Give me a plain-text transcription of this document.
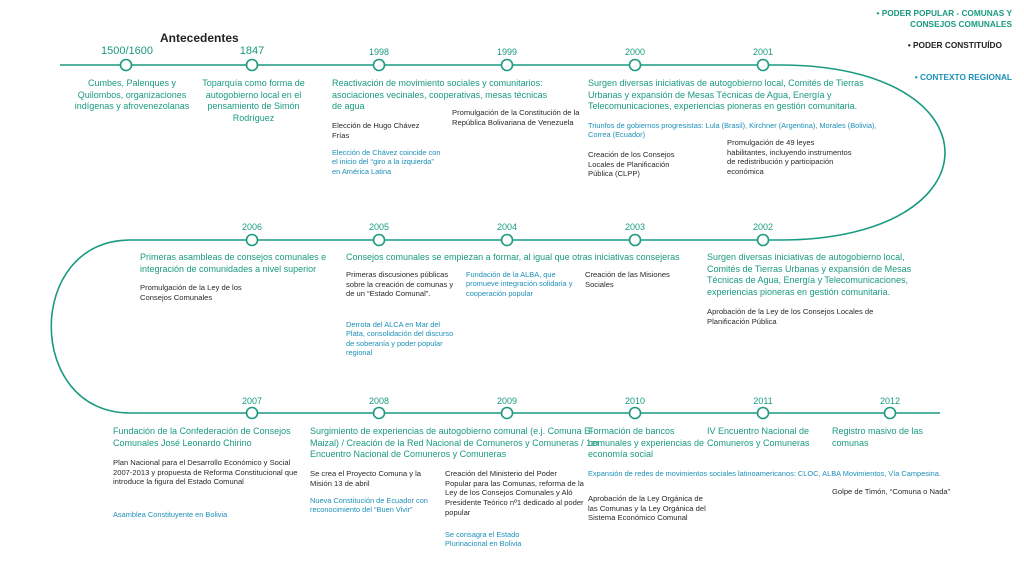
Antecedentes
• PODER POPULAR - COMUNAS Y CONSEJOS COMUNALES
• PODER CONSTITUÍDO
• CONTEXTO REGIONAL
1500/1600	1847	1998	1999	2000	2001
2006	2005	2004	2003	2002
2007	2008	2009	2010	2011	2012

Cumbes, Palenques y Quilombos, organizaciones indígenas y afrovenezolanas

Toparquía como forma de autogobierno local en el pensamiento de Simón Rodríguez

Reactivación de movimiento sociales y comunitarios: asociaciones vecinales, cooperativas, mesas técnicas de agua

Elección de Hugo Chávez Frías

Elección de Chávez coincide con el inicio del “giro a la izquierda” en América Latina

Promulgación de la Constitución de la República Bolivariana de Venezuela

Surgen diversas iniciativas de autogobierno local, Comités de Tierras Urbanas y expansión de Mesas Técnicas de Agua, Energía y Telecomunicaciones, experiencias pioneras en gestión comunitaria.

Triunfos de gobiernos progresistas: Lula (Brasil), Kirchner (Argentina), Morales (Bolivia), Correa (Ecuador)

Creación de los Consejos Locales de Planificación Pública (CLPP)

Promulgación de 49 leyes habilitantes, incluyendo instrumentos de redistribución y participación económica

Primeras asambleas de consejos comunales e integración de comunidades a nivel superior

Promulgación de la Ley de los Consejos Comunales

Consejos comunales se empiezan a formar, al igual que otras iniciativas consejeras

Primeras discusiones públicas sobre la creación de comunas y de un “Estado Comunal”.

Derrota del ALCA en Mar del Plata, consolidación del discurso de soberanía y poder popular regional

Fundación de la ALBA, que promueve integración solidaria y cooperación popular

Creación de las Misiones Sociales

Surgen diversas iniciativas de autogobierno local, Comités de Tierras Urbanas y expansión de Mesas Técnicas de Agua, Energía y Telecomunicaciones, experiencias pioneras en gestión comunitaria.

Aprobación de la Ley de los Consejos Locales de Planificación Pública

Fundación de la Confederación de Consejos Comunales José Leonardo Chirino

Plan Nacional para el Desarrollo Económico y Social 2007-2013 y propuesta de Reforma Constitucional que introduce la figura del Estado Comunal

Asamblea Constituyente en Bolivia

Surgimiento de experiencias de autogobierno comunal (e.j. Comuna El Maizal) / Creación de la Red Nacional de Comuneros y Comuneras / 1er Encuentro Nacional de Comuneros y Comuneras

Se crea el Proyecto Comuna y la Misión 13 de abril

Nueva Constitución de Ecuador con reconocimiento del “Buen Vivir”

Creación del Ministerio del Poder Popular para las Comunas, reforma de la Ley de los Consejos Comunales y Aló Presidente Teórico nº1 dedicado al poder popular

Se consagra el Estado Plurinacional en Bolivia

Formación de bancos comunales y experiencias de economía social

Expansión de redes de movimientos sociales latinoamericanos: CLOC, ALBA Movimientos, Vía Campesina.

Aprobación de la Ley Orgánica de las Comunas y la Ley Orgánica del Sistema Económico Comunal

IV Encuentro Nacional de Comuneros y Comuneras

Registro masivo de las comunas

Golpe de Timón, “Comuna o Nada”
